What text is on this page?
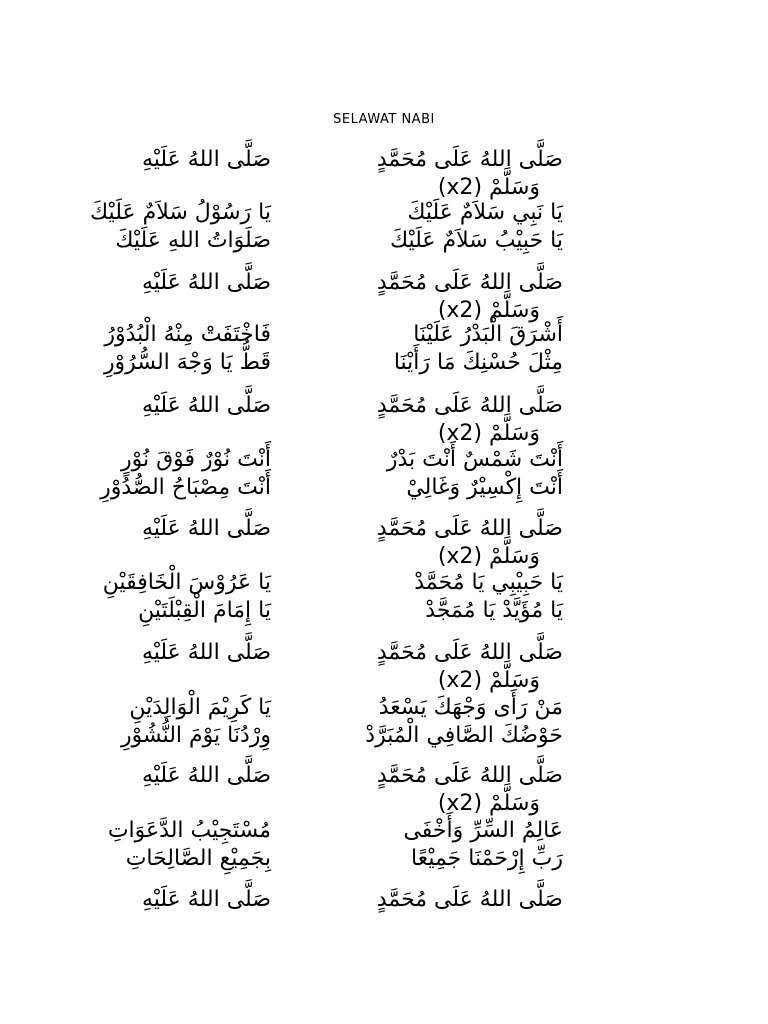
SELAWAT NABI
صَلَّى اللهُ عَلَى مُحَمَّدٍ
وَسَلَّمْ (x2)
صَلَّى اللهُ عَلَيْهِ
يَا نَبِي سَلاَمٌ عَلَيْكَ
يَا حَبِيْبُ سَلاَمٌ عَلَيْكَ
يَا رَسُوْلُ سَلاَمٌ عَلَيْكَ
صَلَوَاتُ اللهِ عَلَيْكَ
صَلَّى اللهُ عَلَى مُحَمَّدٍ
وَسَلَّمْ (x2)
صَلَّى اللهُ عَلَيْهِ
أَشْرَقَ الْبَدْرُ عَلَيْنَا
مِثْلَ حُسْنِكَ مَا رَأَيْنَا
فَاخْتَفَتْ مِنْهُ الْبُدُوْرُ
قَطُّ يَا وَجْهَ السُّرُوْرِ
صَلَّى اللهُ عَلَى مُحَمَّدٍ
وَسَلَّمْ (x2)
صَلَّى اللهُ عَلَيْهِ
أَنْتَ شَمْسٌ أَنْتَ بَدْرٌ
أَنْتَ إِكْسِيْرٌ وَغَالِيْ
أَنْتَ نُوْرٌ فَوْقَ نُوْرٍ
أَنْتَ مِصْبَاحُ الصُّدُوْرِ
صَلَّى اللهُ عَلَى مُحَمَّدٍ
وَسَلَّمْ (x2)
صَلَّى اللهُ عَلَيْهِ
يَا حَبِيْبِي يَا مُحَمَّدْ
يَا مُؤَيَّدْ يَا مُمَجَّدْ
يَا عَرُوْسَ الْخَافِقَيْنِ
يَا إِمَامَ الْقِبْلَتَيْنِ
صَلَّى اللهُ عَلَى مُحَمَّدٍ
وَسَلَّمْ (x2)
صَلَّى اللهُ عَلَيْهِ
مَنْ رَأَى وَجْهَكَ يَسْعَدُ
حَوْضُكَ الصَّافِي الْمُبَرَّدْ
يَا كَرِيْمَ الْوَالِدَيْنِ
وِرْدُنَا يَوْمَ النُّشُوْرِ
صَلَّى اللهُ عَلَى مُحَمَّدٍ
وَسَلَّمْ (x2)
صَلَّى اللهُ عَلَيْهِ
عَالِمُ السِّرِّ وَأَخْفَى
رَبِّ إِرْحَمْنَا جَمِيْعًا
مُسْتَجِيْبُ الدَّعَوَاتِ
بِجَمِيْعِ الصَّالِحَاتِ
صَلَّى اللهُ عَلَى مُحَمَّدٍ
صَلَّى اللهُ عَلَيْهِ
